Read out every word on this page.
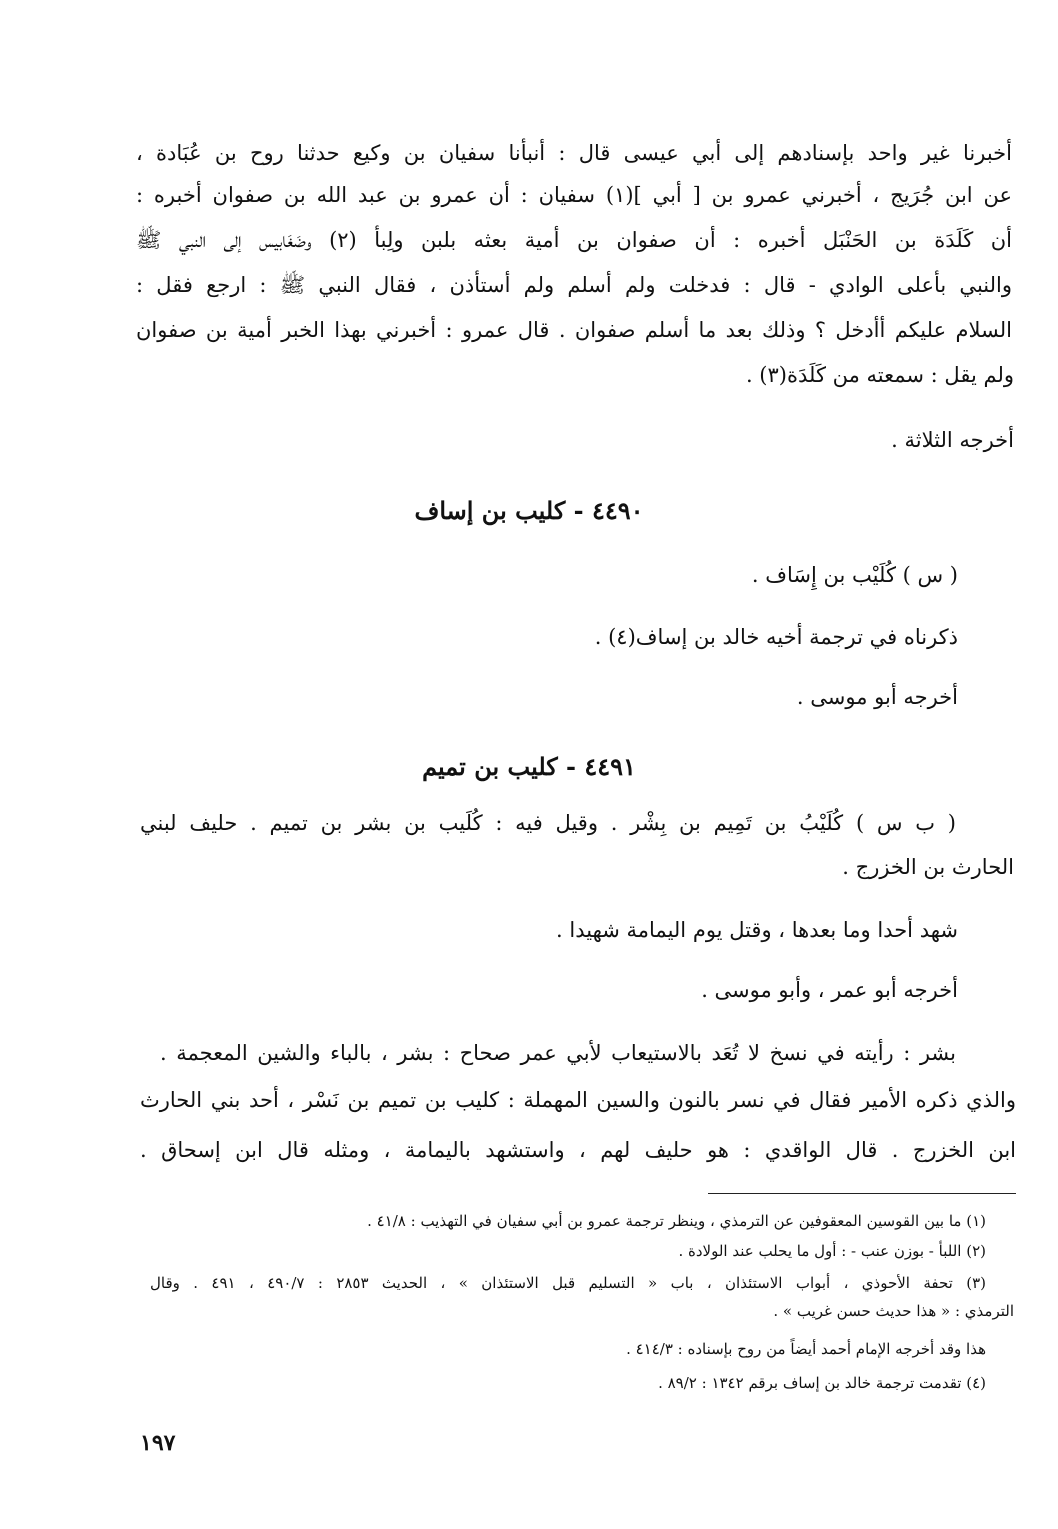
أخبرنا غير واحد بإسنادهم إلى أبي عيسى قال : أنبأنا سفيان بن وكيع حدثنا روح بن عُبَادة ،
عن ابن جُرَيج ، أخبرني عمرو بن [ أبي ](١) سفيان : أن عمرو بن عبد الله بن صفوان أخبره :
أن كَلَدَة بن الحَنْبَل أخبره : أن صفوان بن أمية بعثه بلبن ولِبأ (٢) وضَغَابيس إلى النبي ﷺ
والنبي بأعلى الوادي - قال : فدخلت ولم أسلم ولم أستأذن ، فقال النبي ﷺ : ارجع فقل :
السلام عليكم أأدخل ؟ وذلك بعد ما أسلم صفوان . قال عمرو : أخبرني بهذا الخبر أمية بن صفوان
ولم يقل : سمعته من كَلَدَة(٣) .
أخرجه الثلاثة .
٤٤٩٠ - كليب بن إساف
( س ) كُلَيْب بن إِسَاف .
ذكرناه في ترجمة أخيه خالد بن إساف(٤) .
أخرجه أبو موسى .
٤٤٩١ - كليب بن تميم
( ب س ) كُلَيْبُ بن تَمِيم بن بِشْر . وقيل فيه : كُلَيب بن بشر بن تميم . حليف لبني
الحارث بن الخزرج .
شهد أحدا وما بعدها ، وقتل يوم اليمامة شهيدا .
أخرجه أبو عمر ، وأبو موسى .
بشر : رأيته في نسخ لا تُعَد بالاستيعاب لأبي عمر صحاح : بشر ، بالباء والشين المعجمة .
والذي ذكره الأمير فقال في نسر بالنون والسين المهملة : كليب بن تميم بن نَسْر ، أحد بني الحارث
ابن الخزرج . قال الواقدي : هو حليف لهم ، واستشهد باليمامة ، ومثله قال ابن إسحاق .
(١) ما بين القوسين المعقوفين عن الترمذي ، وينظر ترجمة عمرو بن أبي سفيان في التهذيب : ٤١/٨ .
(٢) اللبأ - بوزن عنب - : أول ما يحلب عند الولادة .
(٣) تحفة الأحوذي ، أبواب الاستئذان ، باب « التسليم قبل الاستئذان » ، الحديث ٢٨٥٣ : ٤٩٠/٧ ، ٤٩١ . وقال
الترمذي : « هذا حديث حسن غريب » .
هذا وقد أخرجه الإمام أحمد أيضاً من روح بإسناده : ٤١٤/٣ .
(٤) تقدمت ترجمة خالد بن إساف برقم ١٣٤٢ : ٨٩/٢ .
١٩٧
